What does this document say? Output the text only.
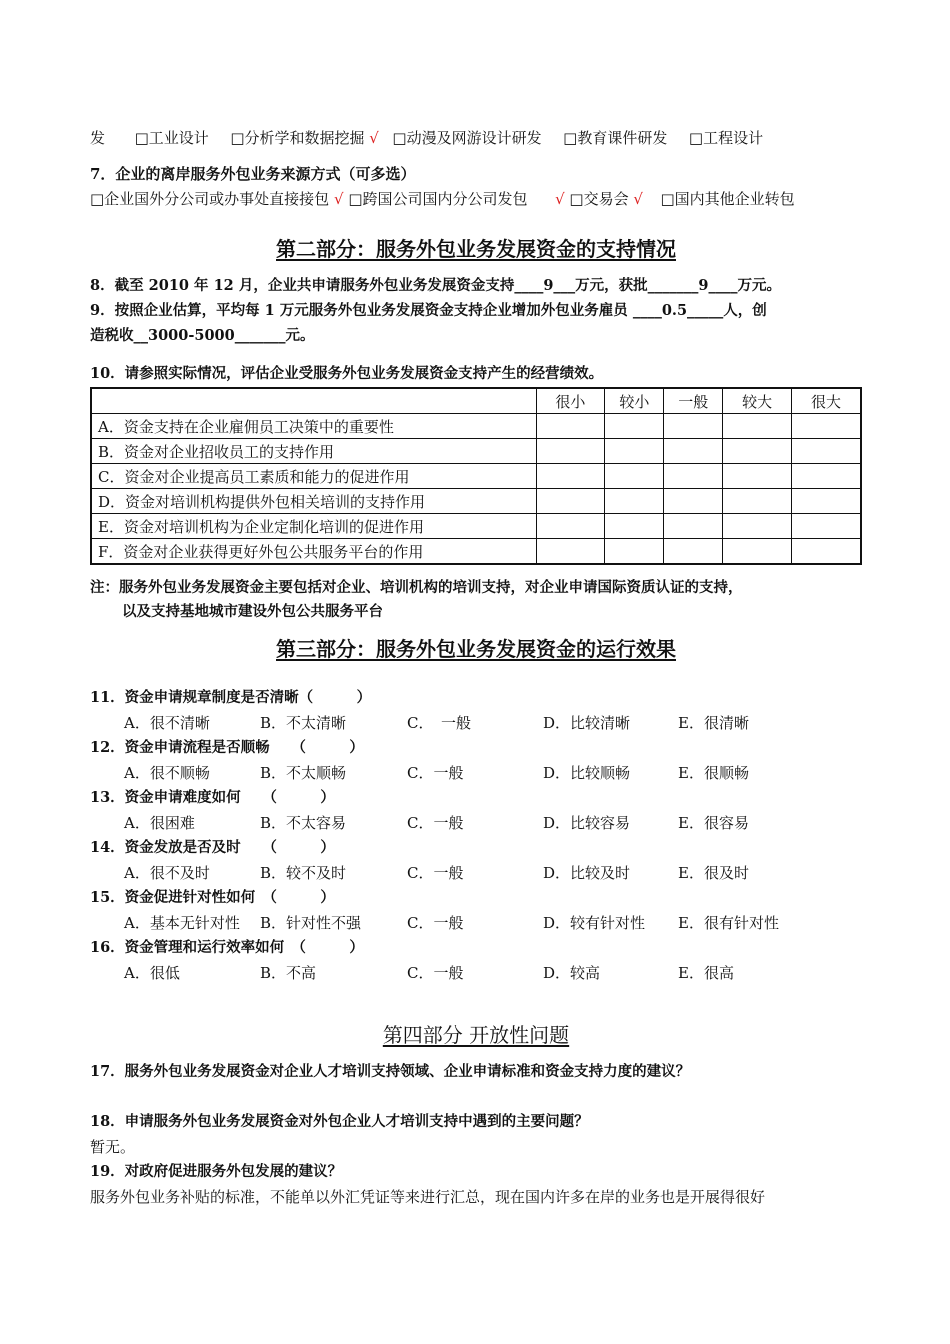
发 □工业设计 □分析学和数据挖掘 √ □动漫及网游设计研发 □教育课件研发 □工程设计
7．企业的离岸服务外包业务来源方式（可多选）
□企业国外分公司或办事处直接接包 √ □跨国公司国内分公司发包 √ □交易会 √ □国内其他企业转包
第二部分：服务外包业务发展资金的支持情况
8．截至 2010 年 12 月，企业共申请服务外包业务发展资金支持____9___万元，获批_______9____万元。
9．按照企业估算，平均每 1 万元服务外包业务发展资金支持企业增加外包业务雇员 ____0.5_____人，创
造税收__3000-5000_______元。
10．请参照实际情况，评估企业受服务外包业务发展资金支持产生的经营绩效。
	很小	较小	一般	较大	很大
A．资金支持在企业雇佣员工决策中的重要性					
B．资金对企业招收员工的支持作用					
C．资金对企业提高员工素质和能力的促进作用					
D．资金对培训机构提供外包相关培训的支持作用					
E．资金对培训机构为企业定制化培训的促进作用					
F．资金对企业获得更好外包公共服务平台的作用					
注：服务外包业务发展资金主要包括对企业、培训机构的培训支持，对企业申请国际资质认证的支持，
以及支持基地城市建设外包公共服务平台
第三部分：服务外包业务发展资金的运行效果
11．资金申请规章制度是否清晰（　　　）
A．很不清晰	B．不太清晰	C．　一般	D．比较清晰	E．很清晰
12．资金申请流程是否顺畅　　（　　　）
A．很不顺畅	B．不太顺畅	C．一般	D．比较顺畅	E．很顺畅
13．资金申请难度如何　　（　　　）
A．很困难	B．不太容易	C．一般	D．比较容易	E．很容易
14．资金发放是否及时　　（　　　）
A．很不及时	B．较不及时	C．一般	D．比较及时	E．很及时
15．资金促进针对性如何　（　　　）
A．基本无针对性 B．针对性不强	C．一般	D．较有针对性 E．很有针对性
16．资金管理和运行效率如何　（　　　）
A．很低	B．不高	C．一般	D．较高	E．很高
第四部分 开放性问题
17．服务外包业务发展资金对企业人才培训支持领域、企业申请标准和资金支持力度的建议？
18．申请服务外包业务发展资金对外包企业人才培训支持中遇到的主要问题？
暂无。
19．对政府促进服务外包发展的建议？
服务外包业务补贴的标准，不能单以外汇凭证等来进行汇总，现在国内许多在岸的业务也是开展得很好
